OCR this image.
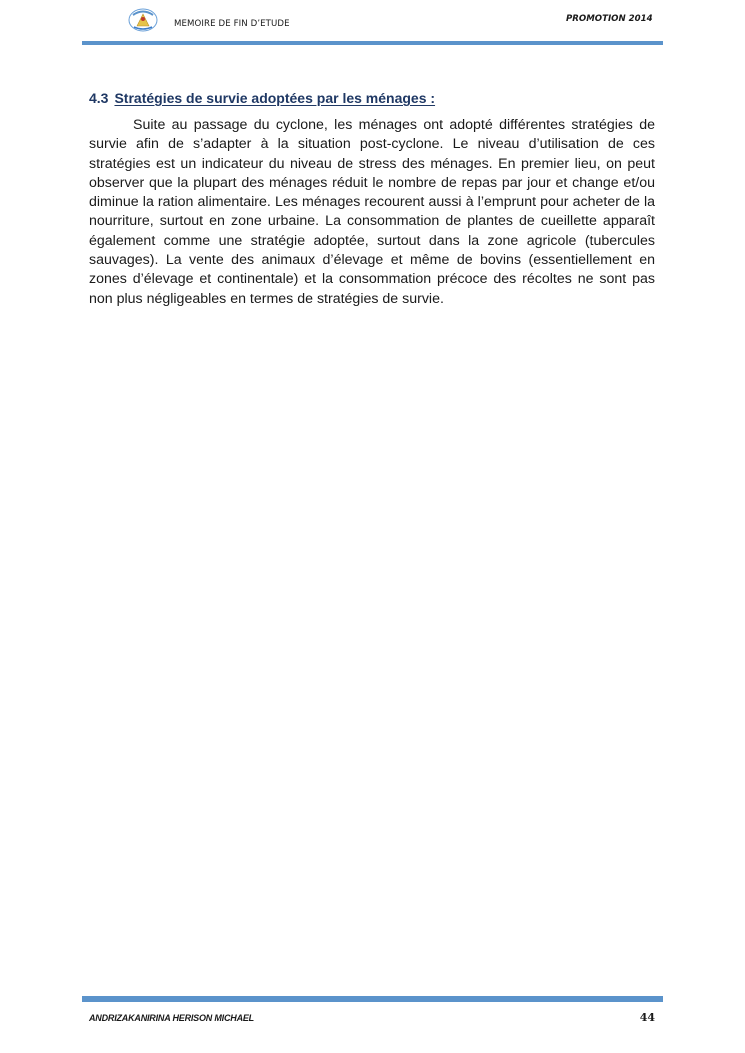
MEMOIRE DE FIN D’ETUDE	PROMOTION 2014
4.3 Stratégies de survie adoptées par les ménages :

Suite au passage du cyclone, les ménages ont adopté différentes stratégies de survie afin de s’adapter à la situation post-cyclone. Le niveau d’utilisation de ces stratégies est un indicateur du niveau de stress des ménages. En premier lieu, on peut observer que la plupart des ménages réduit le nombre de repas par jour et change et/ou diminue la ration alimentaire. Les ménages recourent aussi à l’emprunt pour acheter de la nourriture, surtout en zone urbaine. La consommation de plantes de cueillette apparaît également comme une stratégie adoptée, surtout dans la zone agricole (tubercules sauvages). La vente des animaux d’élevage et même de bovins (essentiellement en zones d’élevage et continentale) et la consommation précoce des récoltes ne sont pas non plus négligeables en termes de stratégies de survie.

ANDRIZAKANIRINA HERISON MICHAEL	44
